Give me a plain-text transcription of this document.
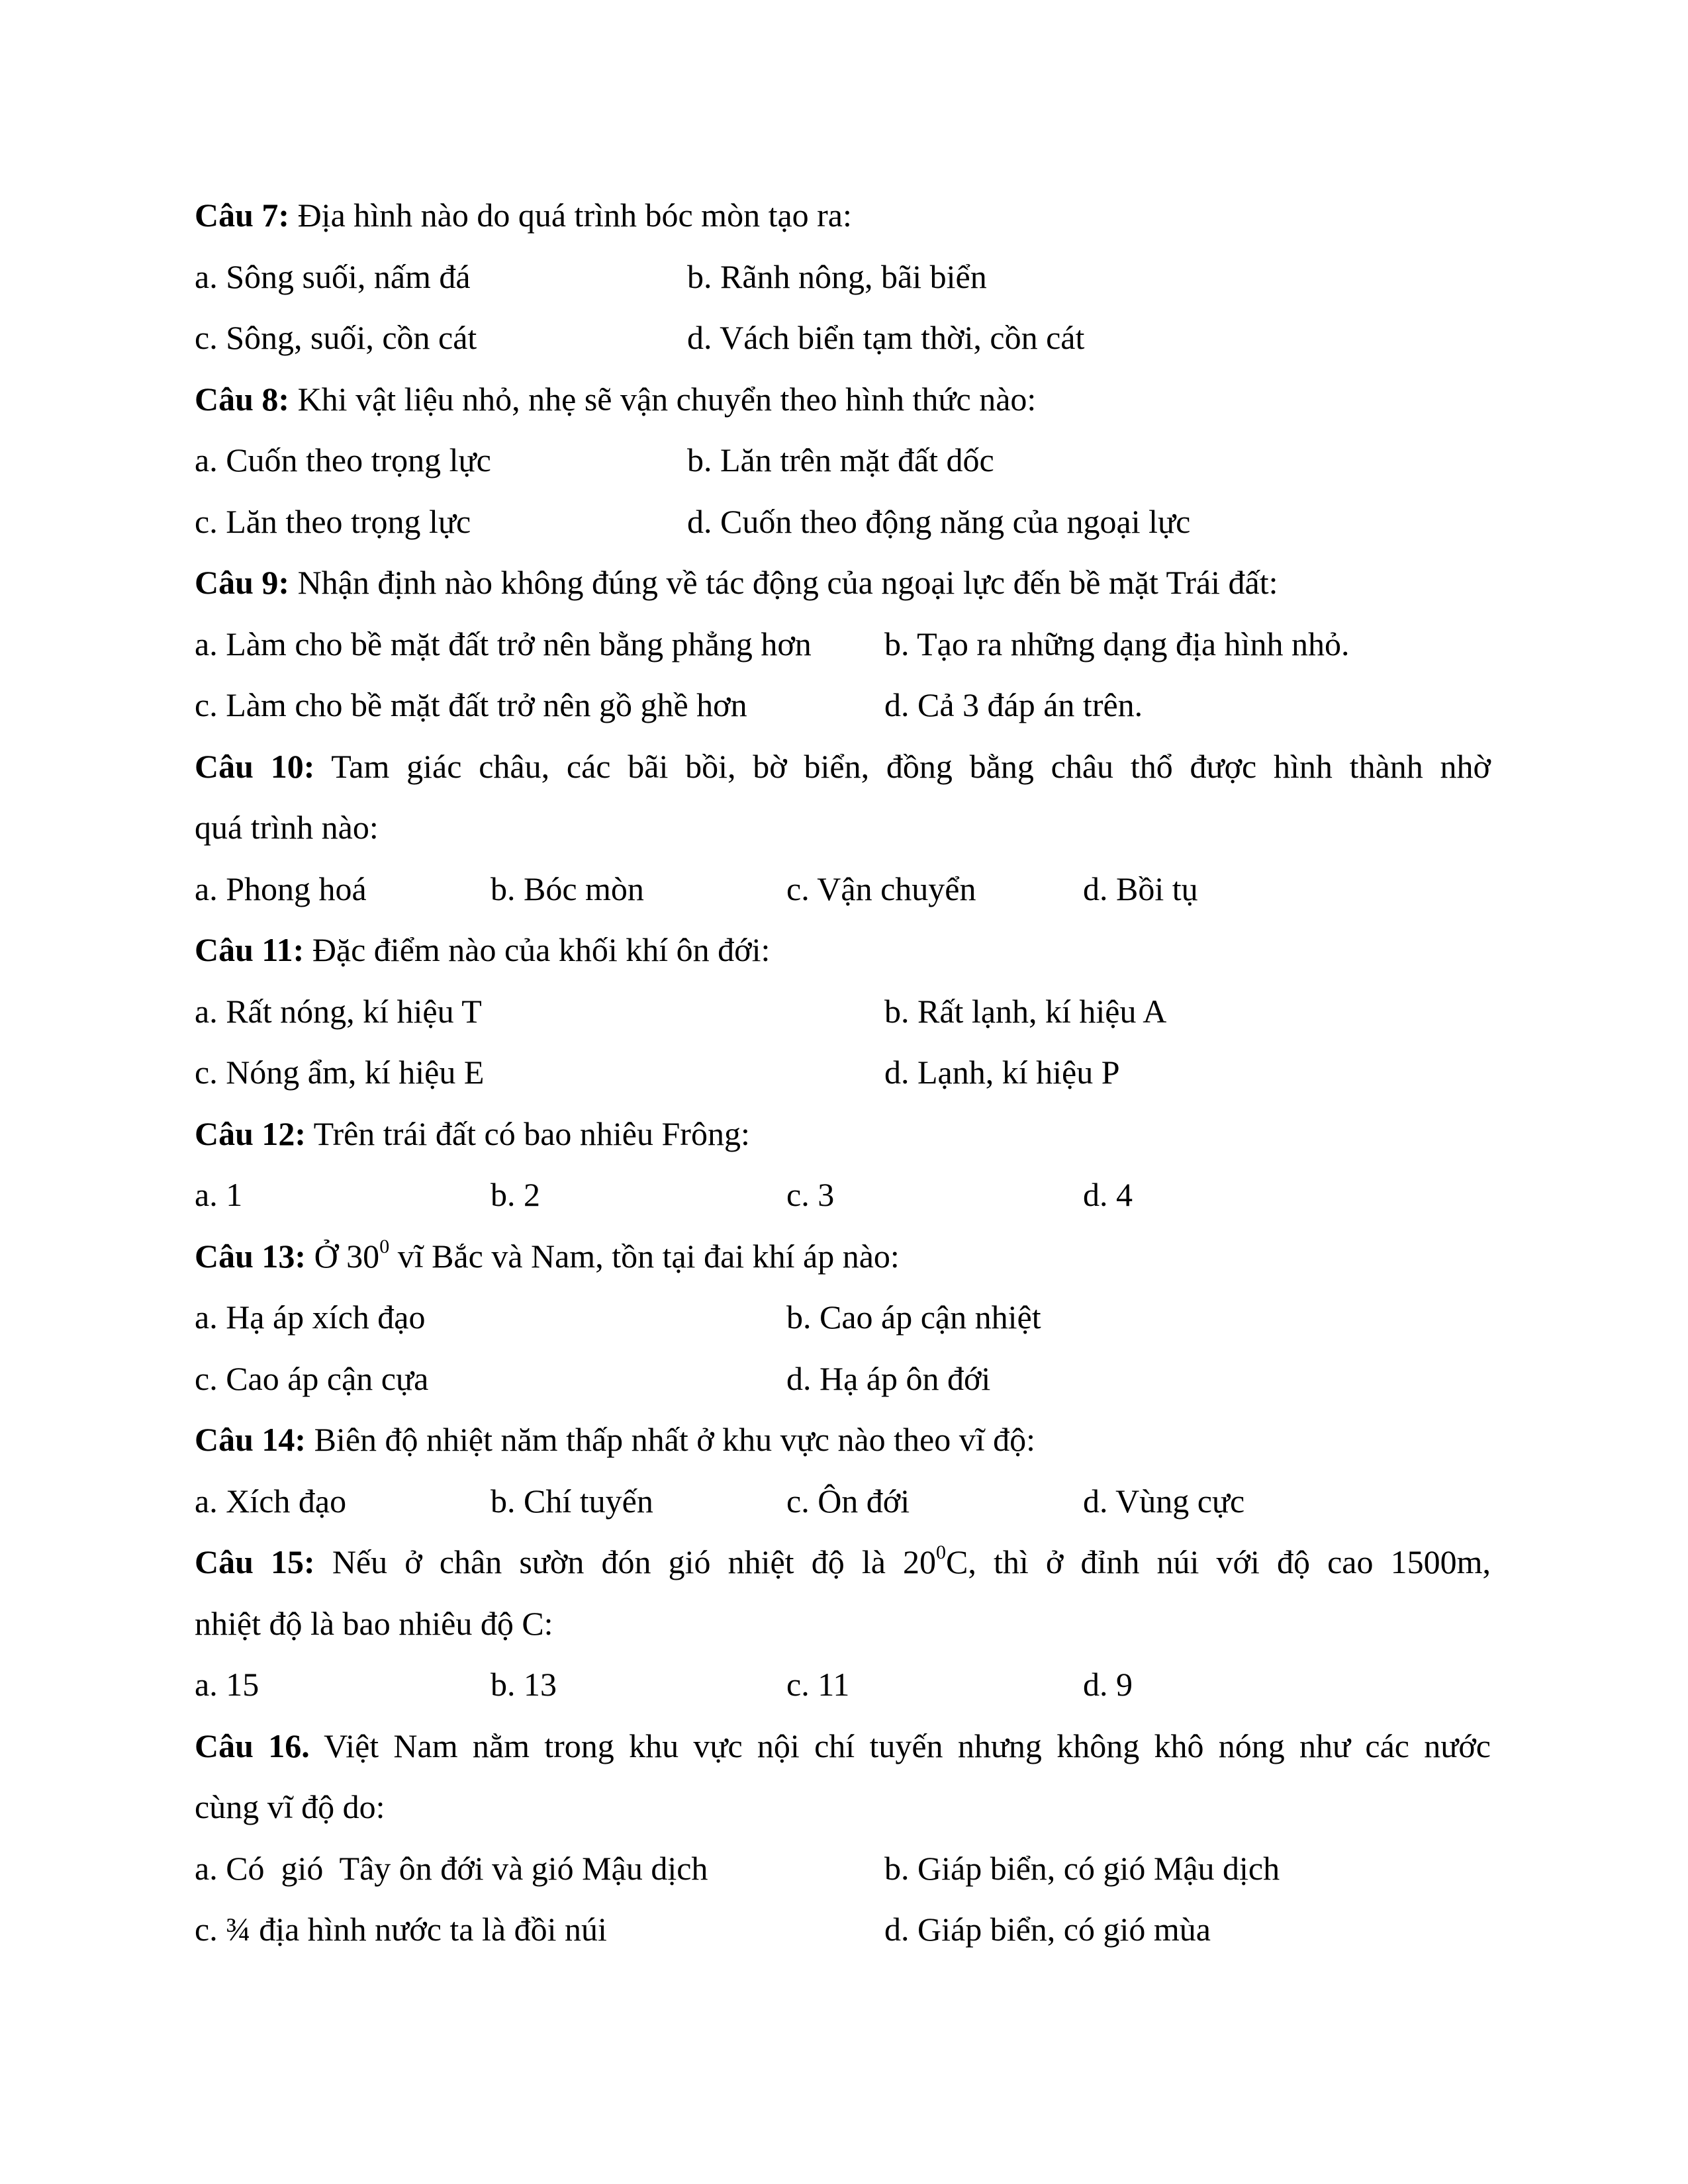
Câu 7: Địa hình nào do quá trình bóc mòn tạo ra:
a. Sông suối, nấm đá	b. Rãnh nông, bãi biển
c. Sông, suối, cồn cát	d. Vách biển tạm thời, cồn cát
Câu 8: Khi vật liệu nhỏ, nhẹ sẽ vận chuyển theo hình thức nào:
a. Cuốn theo trọng lực	b. Lăn trên mặt đất dốc
c. Lăn theo trọng lực	d. Cuốn theo động năng của ngoại lực
Câu 9: Nhận định nào không đúng về tác động của ngoại lực đến bề mặt Trái đất:
a. Làm cho bề mặt đất trở nên bằng phẳng hơn b. Tạo ra những dạng địa hình nhỏ.
c. Làm cho bề mặt đất trở nên gồ ghề hơn	d. Cả 3 đáp án trên.
Câu 10: Tam giác châu, các bãi bồi, bờ biển, đồng bằng châu thổ được hình thành nhờ
quá trình nào:
a. Phong hoá	b. Bóc mòn	c. Vận chuyển	d. Bồi tụ
Câu 11: Đặc điểm nào của khối khí ôn đới:
a. Rất nóng, kí hiệu T	b. Rất lạnh, kí hiệu A
c. Nóng ẩm, kí hiệu E	d. Lạnh, kí hiệu P
Câu 12: Trên trái đất có bao nhiêu Frông:
a. 1	b. 2	c. 3	d. 4
Câu 13: Ở $30^0$ vĩ Bắc và Nam, tồn tại đai khí áp nào:
a. Hạ áp xích đạo	b. Cao áp cận nhiệt
c. Cao áp cận cựa	d. Hạ áp ôn đới
Câu 14: Biên độ nhiệt năm thấp nhất ở khu vực nào theo vĩ độ:
a. Xích đạo	b. Chí tuyến	c. Ôn đới	d. Vùng cực
Câu 15: Nếu ở chân sườn đón gió nhiệt độ là $20^0C$, thì ở đỉnh núi với độ cao 1500m,
nhiệt độ là bao nhiêu độ C:
a. 15	b. 13	c. 11	d. 9
Câu 16. Việt Nam nằm trong khu vực nội chí tuyến nhưng không khô nóng như các nước
cùng vĩ độ do:
a. Có  gió  Tây ôn đới và gió Mậu dịch	b. Giáp biển, có gió Mậu dịch
c. ¾ địa hình nước ta là đồi núi	d. Giáp biển, có gió mùa
